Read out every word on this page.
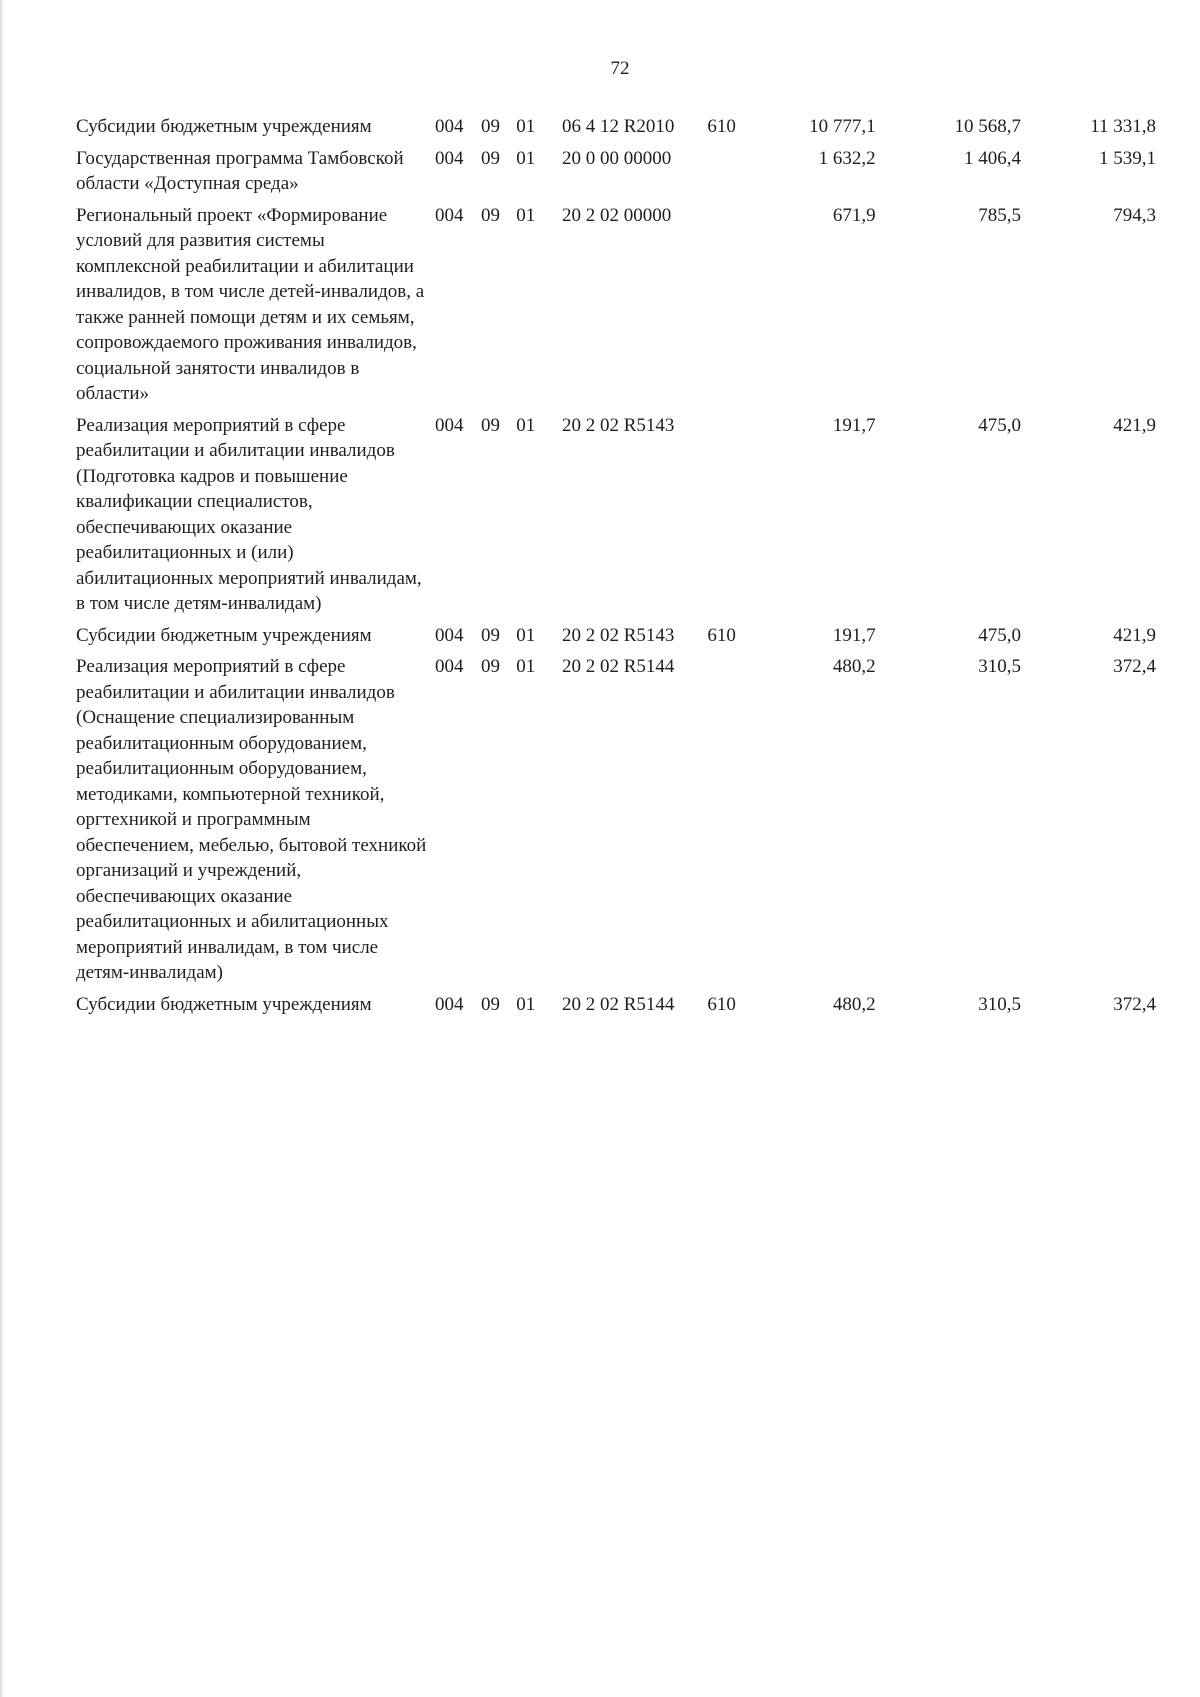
72
Субсидии бюджетным учреждениям	004	09	01	06 4 12 R2010	610	10 777,1	10 568,7	11 331,8
Государственная программа Тамбовской области «Доступная среда»	004	09	01	20 0 00 00000		1 632,2	1 406,4	1 539,1
Региональный проект «Формирование условий для развития системы комплексной реабилитации и абилитации инвалидов, в том числе детей-инвалидов, а также ранней помощи детям и их семьям, сопровождаемого проживания инвалидов, социальной занятости инвалидов в области»	004	09	01	20 2 02 00000		671,9	785,5	794,3
Реализация мероприятий в сфере реабилитации и абилитации инвалидов (Подготовка кадров и повышение квалификации специалистов, обеспечивающих оказание реабилитационных и (или) абилитационных мероприятий инвалидам, в том числе детям-инвалидам)	004	09	01	20 2 02 R5143		191,7	475,0	421,9
Субсидии бюджетным учреждениям	004	09	01	20 2 02 R5143	610	191,7	475,0	421,9
Реализация мероприятий в сфере реабилитации и абилитации инвалидов (Оснащение специализированным реабилитационным оборудованием, реабилитационным оборудованием, методиками, компьютерной техникой, оргтехникой и программным обеспечением, мебелью, бытовой техникой организаций и учреждений, обеспечивающих оказание реабилитационных и абилитационных мероприятий инвалидам, в том числе детям-инвалидам)	004	09	01	20 2 02 R5144		480,2	310,5	372,4
Субсидии бюджетным учреждениям	004	09	01	20 2 02 R5144	610	480,2	310,5	372,4
